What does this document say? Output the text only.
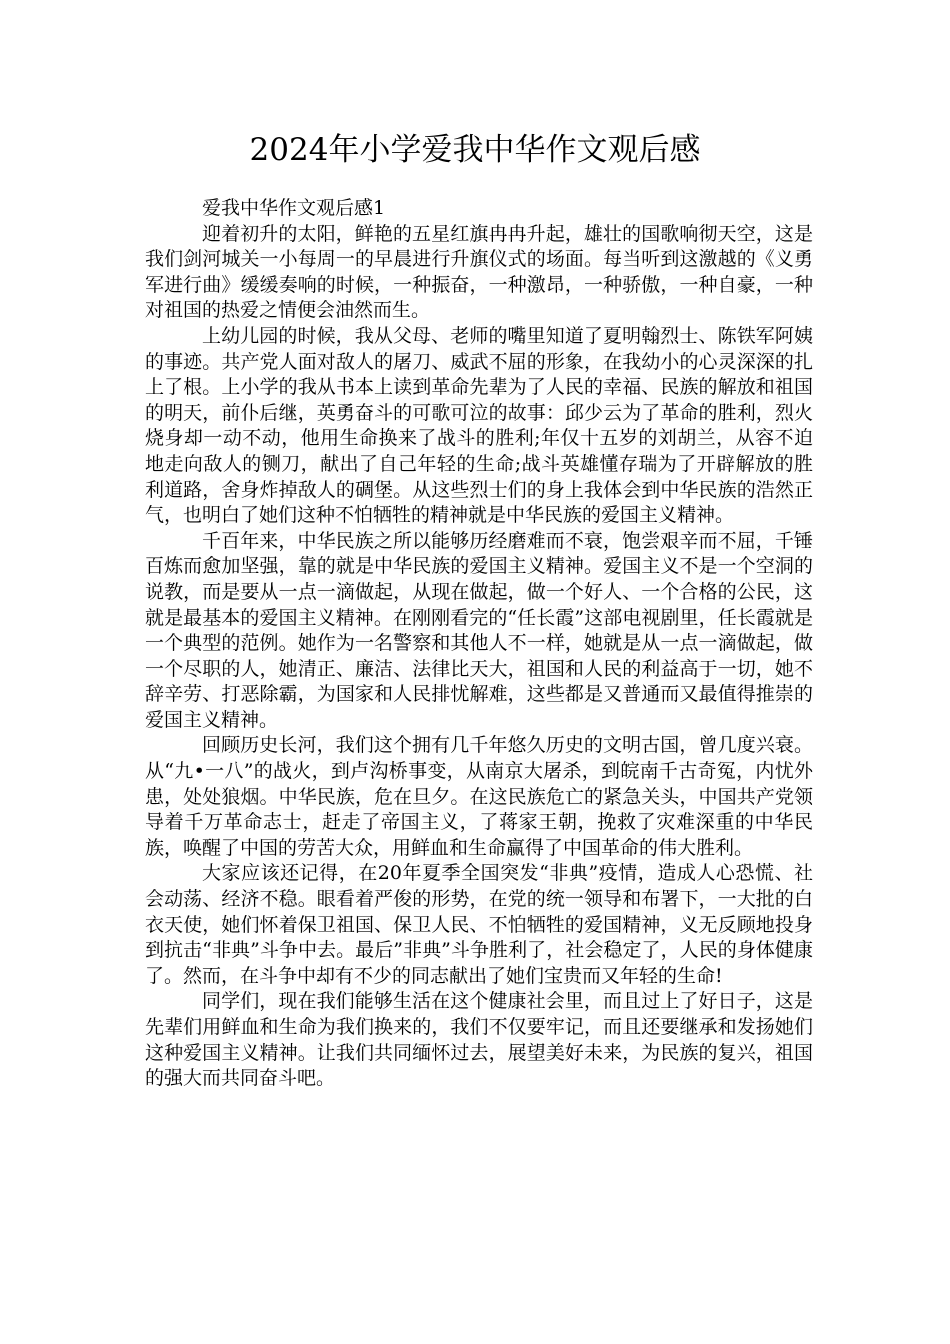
2024年小学爱我中华作文观后感

爱我中华作文观后感1

迎着初升的太阳，鲜艳的五星红旗冉冉升起，雄壮的国歌响彻天空，这是我们剑河城关一小每周一的早晨进行升旗仪式的场面。每当听到这激越的《义勇军进行曲》缓缓奏响的时候，一种振奋，一种激昂，一种骄傲，一种自豪，一种对祖国的热爱之情便会油然而生。

上幼儿园的时候，我从父母、老师的嘴里知道了夏明翰烈士、陈铁军阿姨的事迹。共产党人面对敌人的屠刀、威武不屈的形象，在我幼小的心灵深深的扎上了根。上小学的我从书本上读到革命先辈为了人民的幸福、民族的解放和祖国的明天，前仆后继，英勇奋斗的可歌可泣的故事：邱少云为了革命的胜利，烈火烧身却一动不动，他用生命换来了战斗的胜利;年仅十五岁的刘胡兰，从容不迫地走向敌人的铡刀，献出了自己年轻的生命;战斗英雄懂存瑞为了开辟解放的胜利道路，舍身炸掉敌人的碉堡。从这些烈士们的身上我体会到中华民族的浩然正气，也明白了她们这种不怕牺牲的精神就是中华民族的爱国主义精神。

千百年来，中华民族之所以能够历经磨难而不衰，饱尝艰辛而不屈，千锤百炼而愈加坚强，靠的就是中华民族的爱国主义精神。爱国主义不是一个空洞的说教，而是要从一点一滴做起，从现在做起，做一个好人、一个合格的公民，这就是最基本的爱国主义精神。在刚刚看完的“任长霞”这部电视剧里，任长霞就是一个典型的范例。她作为一名警察和其他人不一样，她就是从一点一滴做起，做一个尽职的人，她清正、廉洁、法律比天大，祖国和人民的利益高于一切，她不辞辛劳、打恶除霸，为国家和人民排忧解难，这些都是又普通而又最值得推崇的爱国主义精神。

回顾历史长河，我们这个拥有几千年悠久历史的文明古国，曾几度兴衰。从“九•一八”的战火，到卢沟桥事变，从南京大屠杀，到皖南千古奇冤，内忧外患，处处狼烟。中华民族，危在旦夕。在这民族危亡的紧急关头，中国共产党领导着千万革命志士，赶走了帝国主义，了蒋家王朝，挽救了灾难深重的中华民族，唤醒了中国的劳苦大众，用鲜血和生命赢得了中国革命的伟大胜利。

大家应该还记得，在20年夏季全国突发“非典”疫情，造成人心恐慌、社会动荡、经济不稳。眼看着严俊的形势，在党的统一领导和布署下，一大批的白衣天使，她们怀着保卫祖国、保卫人民、不怕牺牲的爱国精神，义无反顾地投身到抗击“非典”斗争中去。最后”非典”斗争胜利了，社会稳定了，人民的身体健康了。然而，在斗争中却有不少的同志献出了她们宝贵而又年轻的生命!

同学们，现在我们能够生活在这个健康社会里，而且过上了好日子，这是先辈们用鲜血和生命为我们换来的，我们不仅要牢记，而且还要继承和发扬她们这种爱国主义精神。让我们共同缅怀过去，展望美好未来，为民族的复兴，祖国的强大而共同奋斗吧。
